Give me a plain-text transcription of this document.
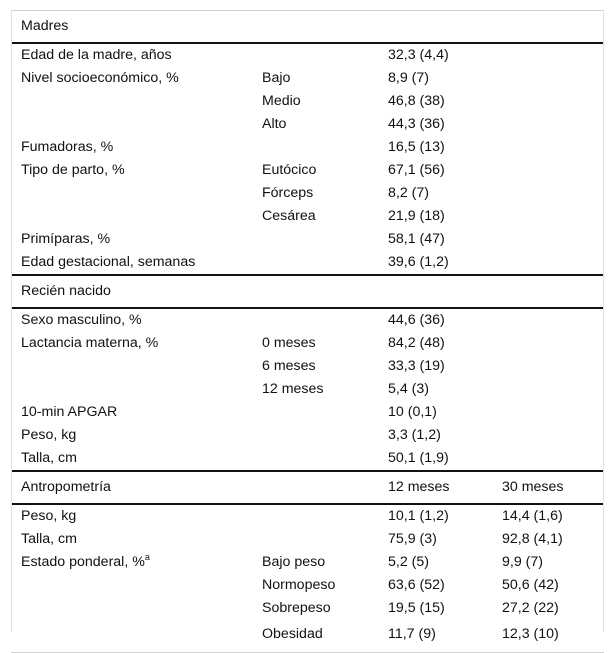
Madres			
Edad de la madre, años		32,3 (4,4)	
Nivel socioeconómico, %	Bajo	8,9 (7)	
	Medio	46,8 (38)	
	Alto	44,3 (36)	
Fumadoras, %		16,5 (13)	
Tipo de parto, %	Eutócico	67,1 (56)	
	Fórceps	8,2 (7)	
	Cesárea	21,9 (18)	
Primíparas, %		58,1 (47)	
Edad gestacional, semanas		39,6 (1,2)	
Recién nacido			
Sexo masculino, %		44,6 (36)	
Lactancia materna, %	0 meses	84,2 (48)	
	6 meses	33,3 (19)	
	12 meses	5,4 (3)	
10-min APGAR		10 (0,1)	
Peso, kg		3,3 (1,2)	
Talla, cm		50,1 (1,9)	
Antropometría		12 meses	30 meses
Peso, kg		10,1 (1,2)	14,4 (1,6)
Talla, cm		75,9 (3)	92,8 (4,1)
Estado ponderal, %$^a$	Bajo peso	5,2 (5)	9,9 (7)
	Normopeso	63,6 (52)	50,6 (42)
	Sobrepeso	19,5 (15)	27,2 (22)
	Obesidad	11,7 (9)	12,3 (10)
